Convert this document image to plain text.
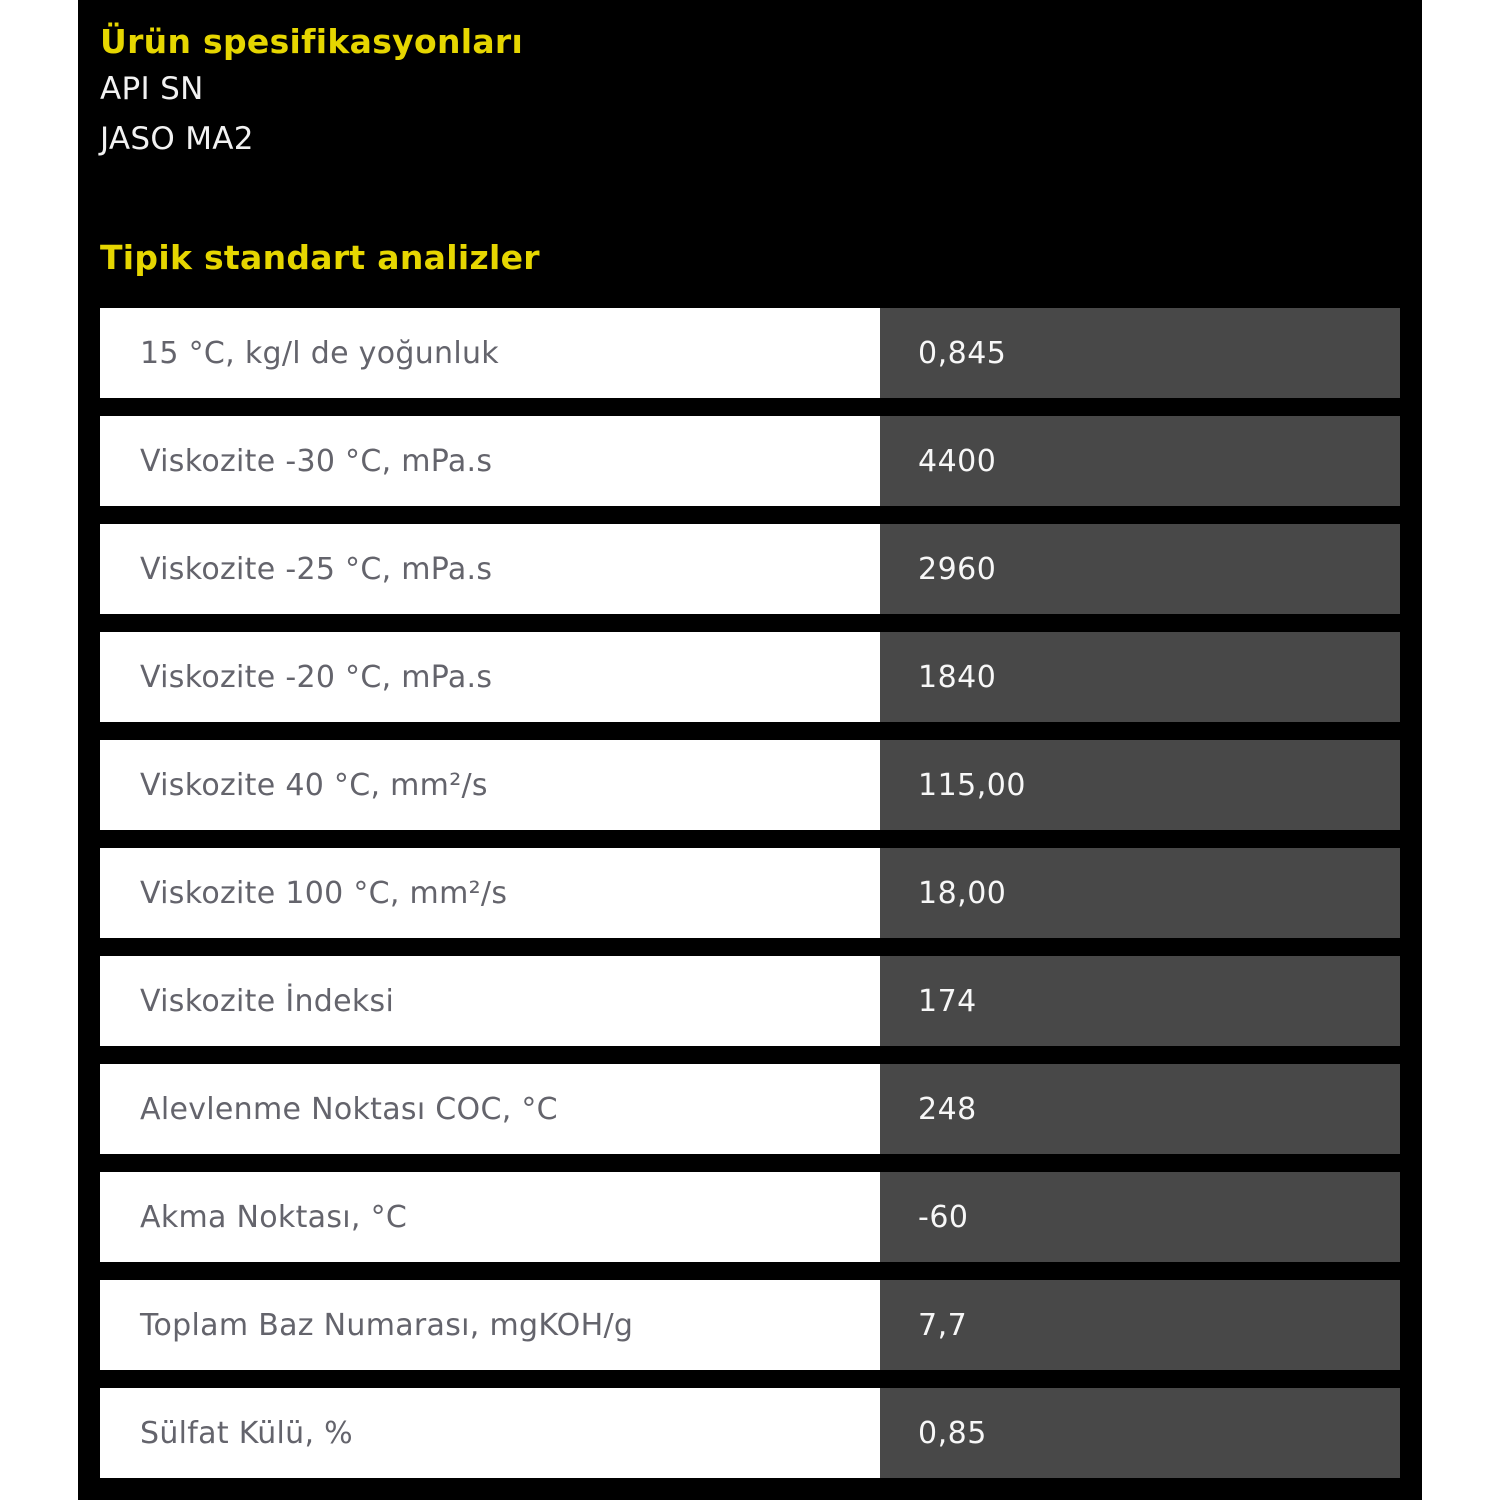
Ürün spesifikasyonları
API SN
JASO MA2
Tipik standart analizler
15 °C, kg/l de yoğunluk	0,845
Viskozite -30 °C, mPa.s	4400
Viskozite -25 °C, mPa.s	2960
Viskozite -20 °C, mPa.s	1840
Viskozite 40 °C, mm²/s	115,00
Viskozite 100 °C, mm²/s	18,00
Viskozite İndeksi	174
Alevlenme Noktası COC, °C	248
Akma Noktası, °C	-60
Toplam Baz Numarası, mgKOH/g	7,7
Sülfat Külü, %	0,85
